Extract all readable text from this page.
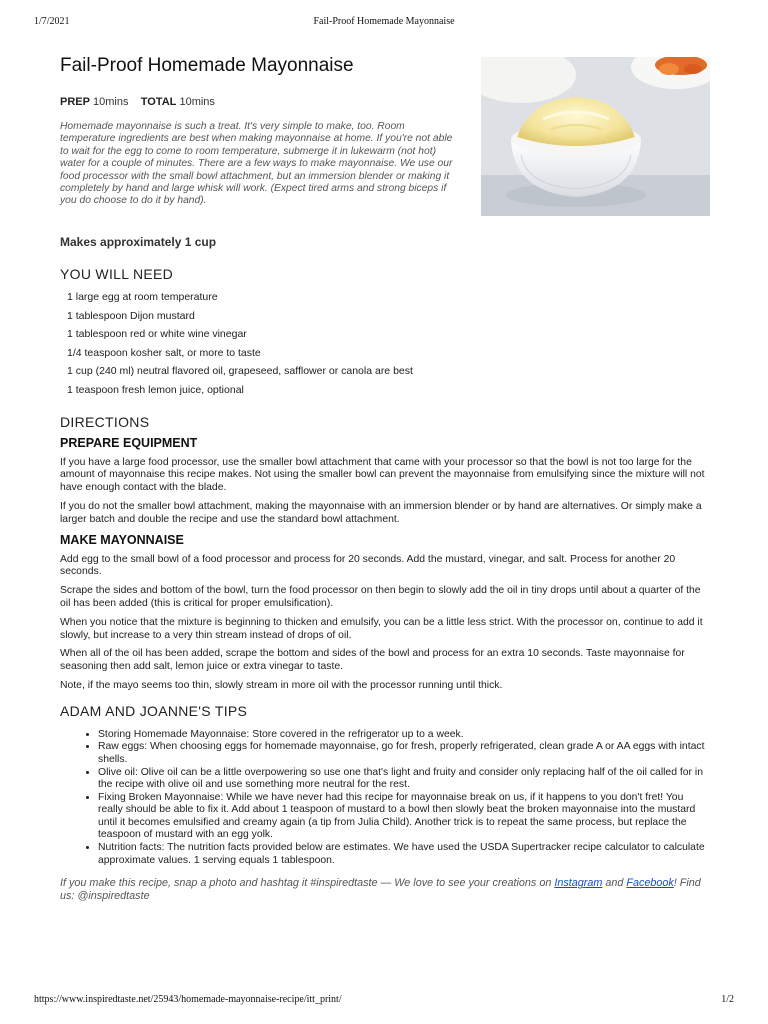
1/7/2021	Fail-Proof Homemade Mayonnaise
Fail-Proof Homemade Mayonnaise
PREP 10mins TOTAL 10mins
Homemade mayonnaise is such a treat. It's very simple to make, too. Room temperature ingredients are best when making mayonnaise at home. If you're not able to wait for the egg to come to room temperature, submerge it in lukewarm (not hot) water for a couple of minutes. There are a few ways to make mayonnaise. We use our food processor with the small bowl attachment, but an immersion blender or making it completely by hand and large whisk will work. (Expect tired arms and strong biceps if you do choose to do it by hand).
Makes approximately 1 cup
YOU WILL NEED
1 large egg at room temperature
1 tablespoon Dijon mustard
1 tablespoon red or white wine vinegar
1/4 teaspoon kosher salt, or more to taste
1 cup (240 ml) neutral flavored oil, grapeseed, safflower or canola are best
1 teaspoon fresh lemon juice, optional
DIRECTIONS
PREPARE EQUIPMENT

If you have a large food processor, use the smaller bowl attachment that came with your processor so that the bowl is not too large for the amount of mayonnaise this recipe makes. Not using the smaller bowl can prevent the mayonnaise from emulsifying since the mixture will not have enough contact with the blade.

If you do not the smaller bowl attachment, making the mayonnaise with an immersion blender or by hand are alternatives. Or simply make a larger batch and double the recipe and use the standard bowl attachment.

MAKE MAYONNAISE

Add egg to the small bowl of a food processor and process for 20 seconds. Add the mustard, vinegar, and salt. Process for another 20 seconds.

Scrape the sides and bottom of the bowl, turn the food processor on then begin to slowly add the oil in tiny drops until about a quarter of the oil has been added (this is critical for proper emulsification).

When you notice that the mixture is beginning to thicken and emulsify, you can be a little less strict. With the processor on, continue to add it slowly, but increase to a very thin stream instead of drops of oil.

When all of the oil has been added, scrape the bottom and sides of the bowl and process for an extra 10 seconds. Taste mayonnaise for seasoning then add salt, lemon juice or extra vinegar to taste.

Note, if the mayo seems too thin, slowly stream in more oil with the processor running until thick.

ADAM AND JOANNE'S TIPS
• Storing Homemade Mayonnaise: Store covered in the refrigerator up to a week.
• Raw eggs: When choosing eggs for homemade mayonnaise, go for fresh, properly refrigerated, clean grade A or AA eggs with intact shells.
• Olive oil: Olive oil can be a little overpowering so use one that's light and fruity and consider only replacing half of the oil called for in the recipe with olive oil and use something more neutral for the rest.
• Fixing Broken Mayonnaise: While we have never had this recipe for mayonnaise break on us, if it happens to you don't fret! You really should be able to fix it. Add about 1 teaspoon of mustard to a bowl then slowly beat the broken mayonnaise into the mustard until it becomes emulsified and creamy again (a tip from Julia Child). Another trick is to repeat the same process, but replace the teaspoon of mustard with an egg yolk.
• Nutrition facts: The nutrition facts provided below are estimates. We have used the USDA Supertracker recipe calculator to calculate approximate values. 1 serving equals 1 tablespoon.
If you make this recipe, snap a photo and hashtag it #inspiredtaste — We love to see your creations on Instagram and Facebook! Find us: @inspiredtaste
https://www.inspiredtaste.net/25943/homemade-mayonnaise-recipe/itt_print/	1/2
